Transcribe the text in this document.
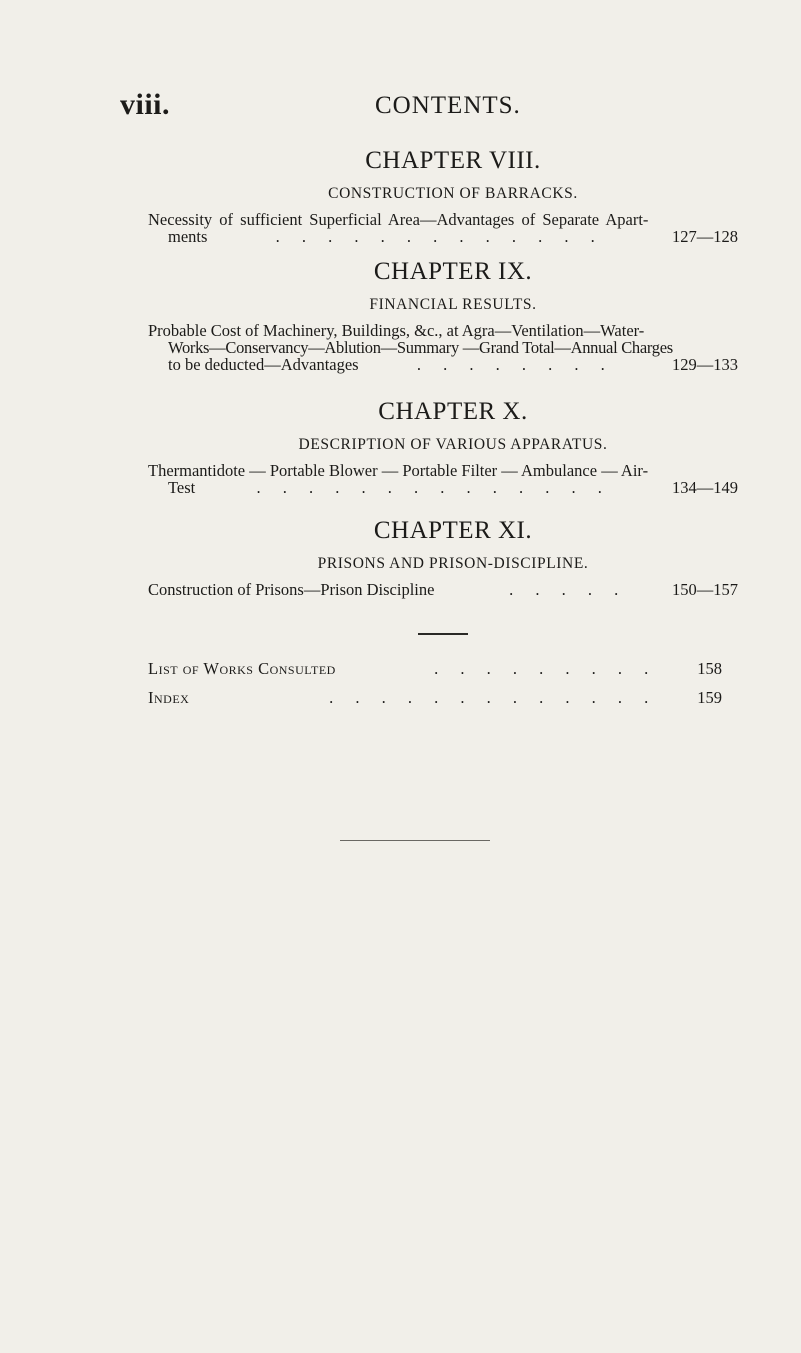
viii.	CONTENTS.
CHAPTER VIII.
CONSTRUCTION OF BARRACKS.
Necessity of sufficient Superficial Area—Advantages of Separate Apart-
ments	. . . . . . . . . . . . .	127—128
CHAPTER IX.
FINANCIAL RESULTS.
Probable Cost of Machinery, Buildings, &c., at Agra—Ventilation—Water-
Works—Conservancy—Ablution—Summary —Grand Total—Annual Charges
to be deducted—Advantages	. . . . . . . .	129—133
CHAPTER X.
DESCRIPTION OF VARIOUS APPARATUS.
Thermantidote — Portable Blower — Portable Filter — Ambulance — Air-
Test	. . . . . . . . . . . . . .	134—149
CHAPTER XI.
PRISONS AND PRISON-DISCIPLINE.
Construction of Prisons—Prison Discipline	. . . . .	150—157
List of Works Consulted	. . . . . . . . . 158
Index	. . . . . . . . . . . . . 159
